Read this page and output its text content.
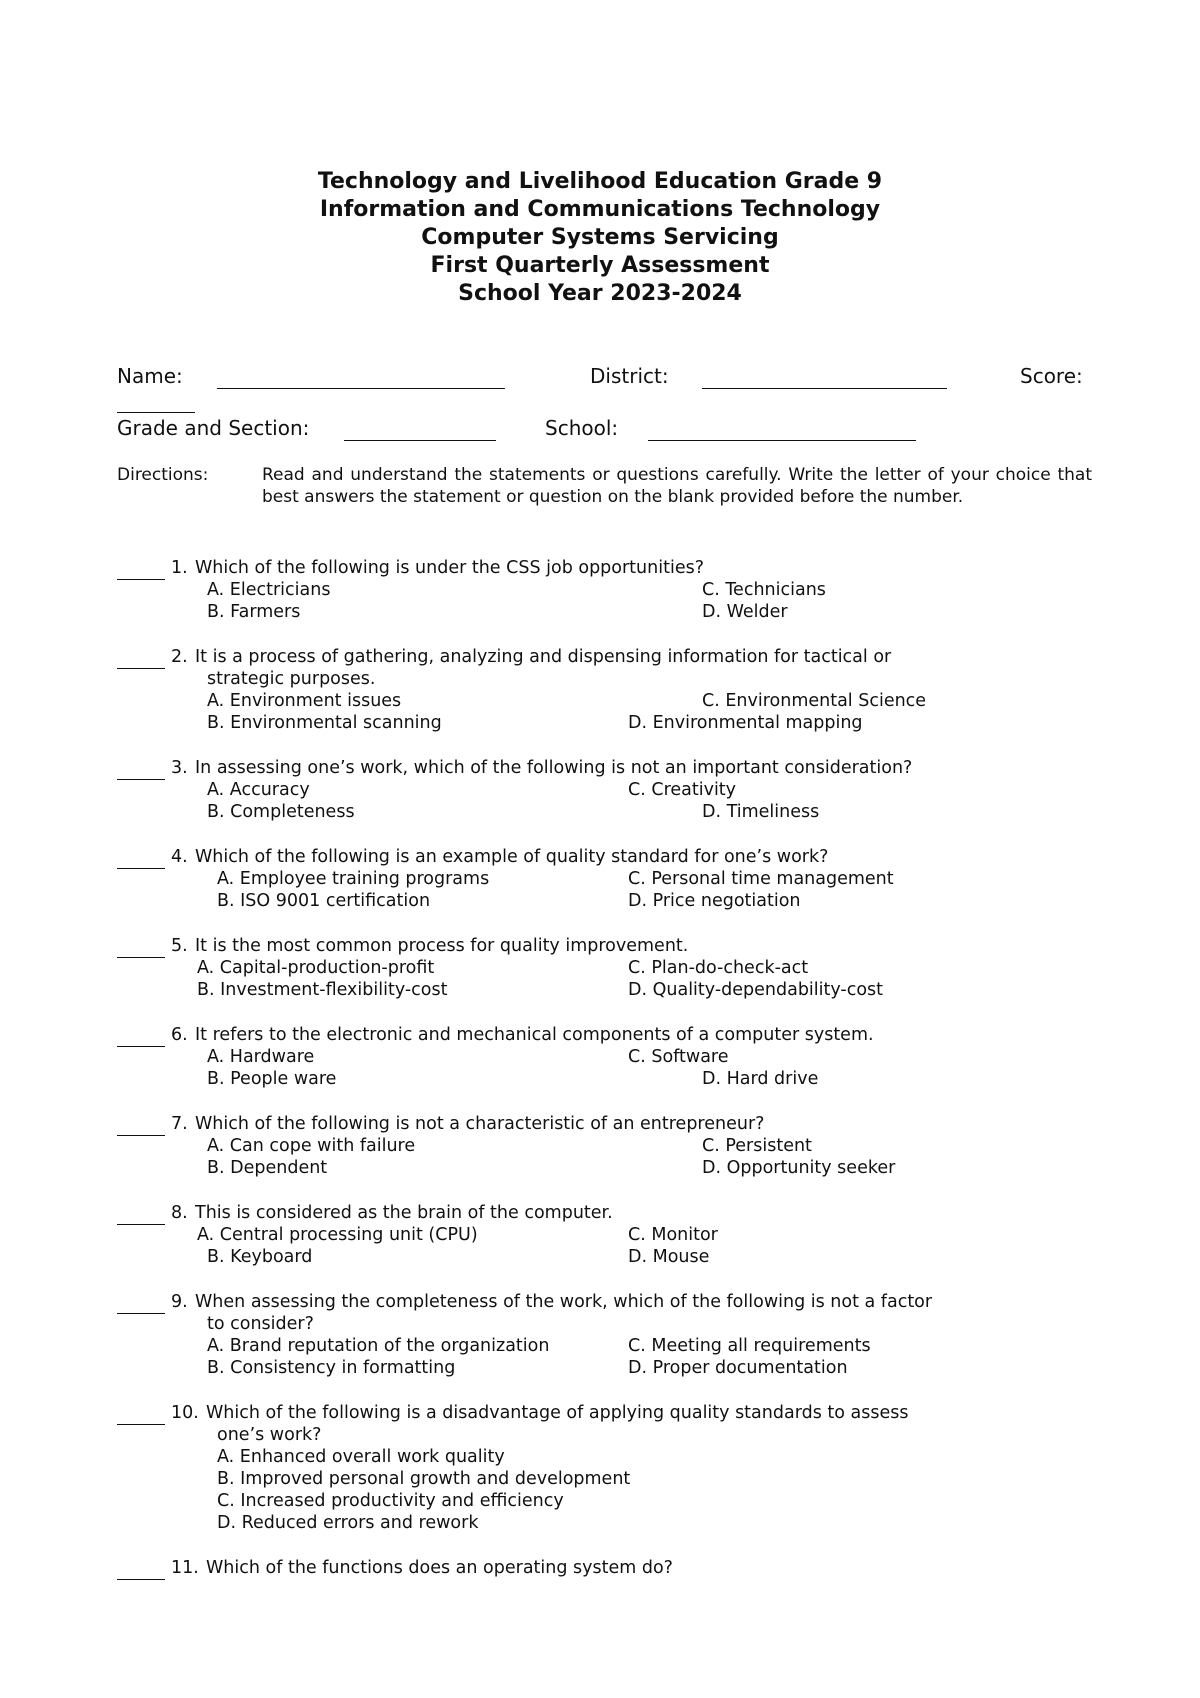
Technology and Livelihood Education Grade 9
Information and Communications Technology
Computer Systems Servicing
First Quarterly Assessment
School Year 2023-2024
Name:	District:	Score:
Grade and Section:	School:
Directions:	Read and understand the statements or questions carefully. Write the letter of your choice that best answers the statement or question on the blank provided before the number.
1. Which of the following is under the CSS job opportunities?
A. Electricians
B. Farmers
C. Technicians
D. Welder
2. It is a process of gathering, analyzing and dispensing information for tactical or
strategic purposes.
A. Environment issues
B. Environmental scanning
C. Environmental Science
D. Environmental mapping
3. In assessing one’s work, which of the following is not an important consideration?
A. Accuracy
B. Completeness
C. Creativity
D. Timeliness
4. Which of the following is an example of quality standard for one’s work?
A. Employee training programs
B. ISO 9001 certification
C. Personal time management
D. Price negotiation
5. It is the most common process for quality improvement.
A. Capital-production-profit
B. Investment-flexibility-cost
C. Plan-do-check-act
D. Quality-dependability-cost
6. It refers to the electronic and mechanical components of a computer system.
A. Hardware
B. People ware
C. Software
D. Hard drive
7. Which of the following is not a characteristic of an entrepreneur?
A. Can cope with failure
B. Dependent
C. Persistent
D. Opportunity seeker
8. This is considered as the brain of the computer.
A. Central processing unit (CPU)
B. Keyboard
C. Monitor
D. Mouse
9. When assessing the completeness of the work, which of the following is not a factor
to consider?
A. Brand reputation of the organization
B. Consistency in formatting
C. Meeting all requirements
D. Proper documentation
10. Which of the following is a disadvantage of applying quality standards to assess
one’s work?
A. Enhanced overall work quality
B. Improved personal growth and development
C. Increased productivity and efficiency
D. Reduced errors and rework
11. Which of the functions does an operating system do?
